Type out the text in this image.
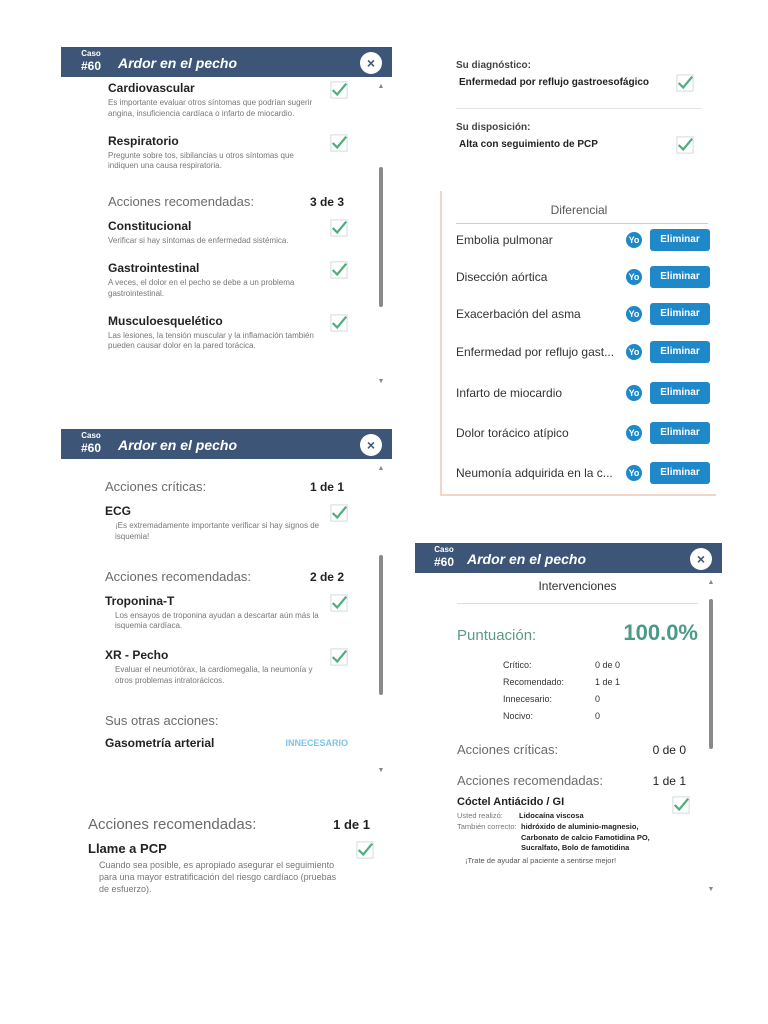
Caso
#60 Ardor en el pecho	×
Cardiovascular
Es importante evaluar otros síntomas que podrían sugerir angina, insuficiencia cardíaca o infarto de miocardio.
Respiratorio
Pregunte sobre tos, sibilancias u otros síntomas que indiquen una causa respiratoria.
Acciones recomendadas:	3 de 3
Constitucional
Verificar si hay síntomas de enfermedad sistémica.
Gastrointestinal
A veces, el dolor en el pecho se debe a un problema gastrointestinal.
Musculoesquelético
Las lesiones, la tensión muscular y la inflamación también pueden causar dolor en la pared torácica.
▲
▼
Caso
#60 Ardor en el pecho	×
Acciones críticas:	1 de 1
ECG
¡Es extremadamente importante verificar si hay signos de isquemia!
Acciones recomendadas:	2 de 2
Troponina-T
Los ensayos de troponina ayudan a descartar aún más la isquemia cardíaca.
XR - Pecho
Evaluar el neumotórax, la cardiomegalia, la neumonía y otros problemas intratorácicos.
Sus otras acciones:
Gasometría arterial	INNECESARIO
▲
▼
Acciones recomendadas:	1 de 1
Llame a PCP
Cuando sea posible, es apropiado asegurar el seguimiento para una mayor estratificación del riesgo cardíaco (pruebas de esfuerzo).
Su diagnóstico:
Enfermedad por reflujo gastroesofágico
Su disposición:
Alta con seguimiento de PCP
Diferencial
Embolia pulmonar	Yo	Eliminar
Disección aórtica	Yo	Eliminar
Exacerbación del asma	Yo	Eliminar
Enfermedad por reflujo gast... Yo	Eliminar
Infarto de miocardio	Yo	Eliminar
Dolor torácico atípico	Yo	Eliminar
Neumonía adquirida en la c... Yo	Eliminar
Caso
#60 Ardor en el pecho	×
Intervenciones
Puntuación:	100.0%
Crítico:	0 de 0
Recomendado:	1 de 1
Innecesario:	0
Nocivo:	0
Acciones críticas:	0 de 0
Acciones recomendadas:	1 de 1
Cóctel Antiácido / GI
Usted realizó:	Lidocaína viscosa
También correcto: hidróxido de aluminio-magnesio, Carbonato de calcio Famotidina PO, Sucralfato, Bolo de famotidina
¡Trate de ayudar al paciente a sentirse mejor!
▲
▼
